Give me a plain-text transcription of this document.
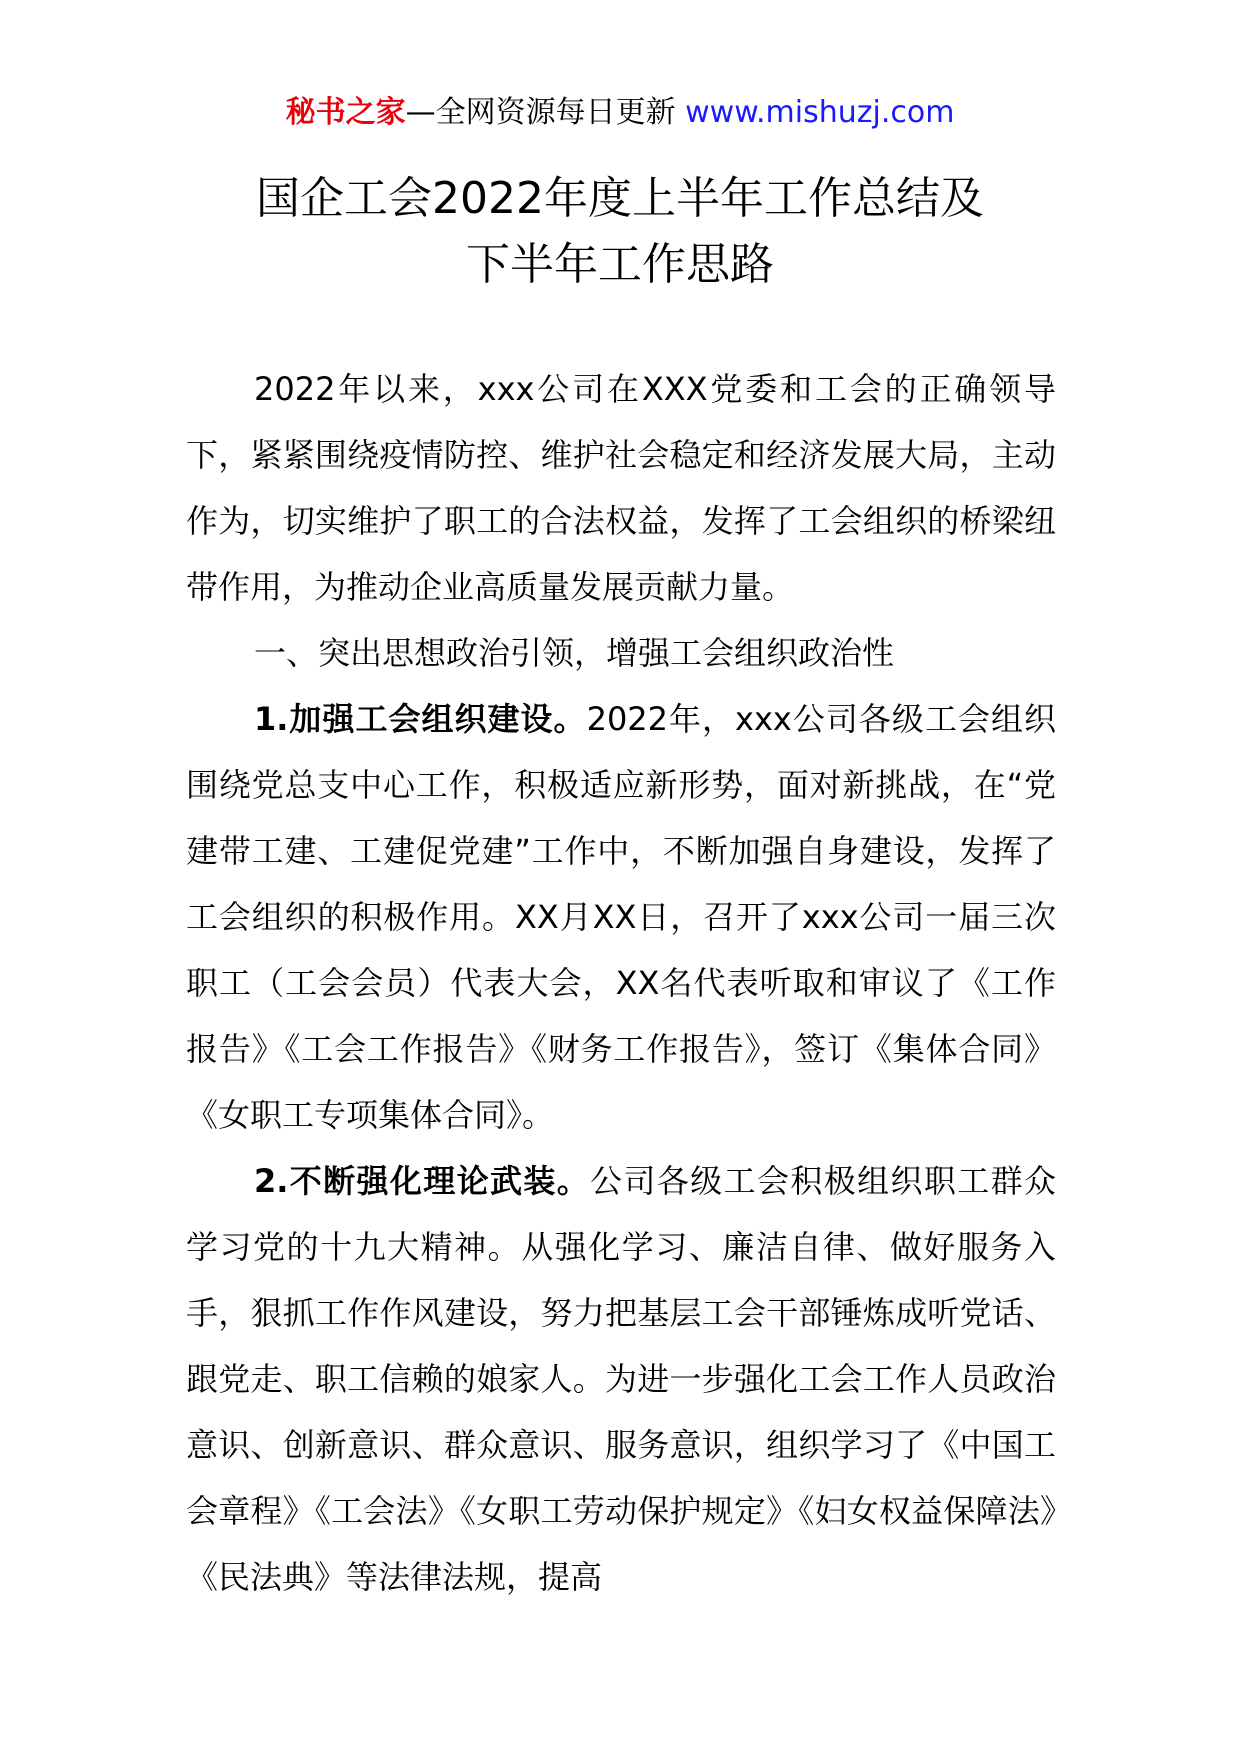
秘书之家—全网资源每日更新 www.mishuzj.com
国企工会2022年度上半年工作总结及
下半年工作思路

2022年以来，xxx公司在XXX党委和工会的正确领导下，紧紧围绕疫情防控、维护社会稳定和经济发展大局，主动作为，切实维护了职工的合法权益，发挥了工会组织的桥梁纽带作用，为推动企业高质量发展贡献力量。

一、突出思想政治引领，增强工会组织政治性

1.加强工会组织建设。2022年，xxx公司各级工会组织围绕党总支中心工作，积极适应新形势，面对新挑战，在“党建带工建、工建促党建”工作中，不断加强自身建设，发挥了工会组织的积极作用。XX月XX日，召开了xxx公司一届三次职工（工会会员）代表大会，XX名代表听取和审议了《工作报告》《工会工作报告》《财务工作报告》，签订《集体合同》《女职工专项集体合同》。

2.不断强化理论武装。公司各级工会积极组织职工群众学习党的十九大精神。从强化学习、廉洁自律、做好服务入手，狠抓工作作风建设，努力把基层工会干部锤炼成听党话、跟党走、职工信赖的娘家人。为进一步强化工会工作人员政治意识、创新意识、群众意识、服务意识，组织学习了《中国工会章程》《工会法》《女职工劳动保护规定》《妇女权益保障法》《民法典》等法律法规，提高
